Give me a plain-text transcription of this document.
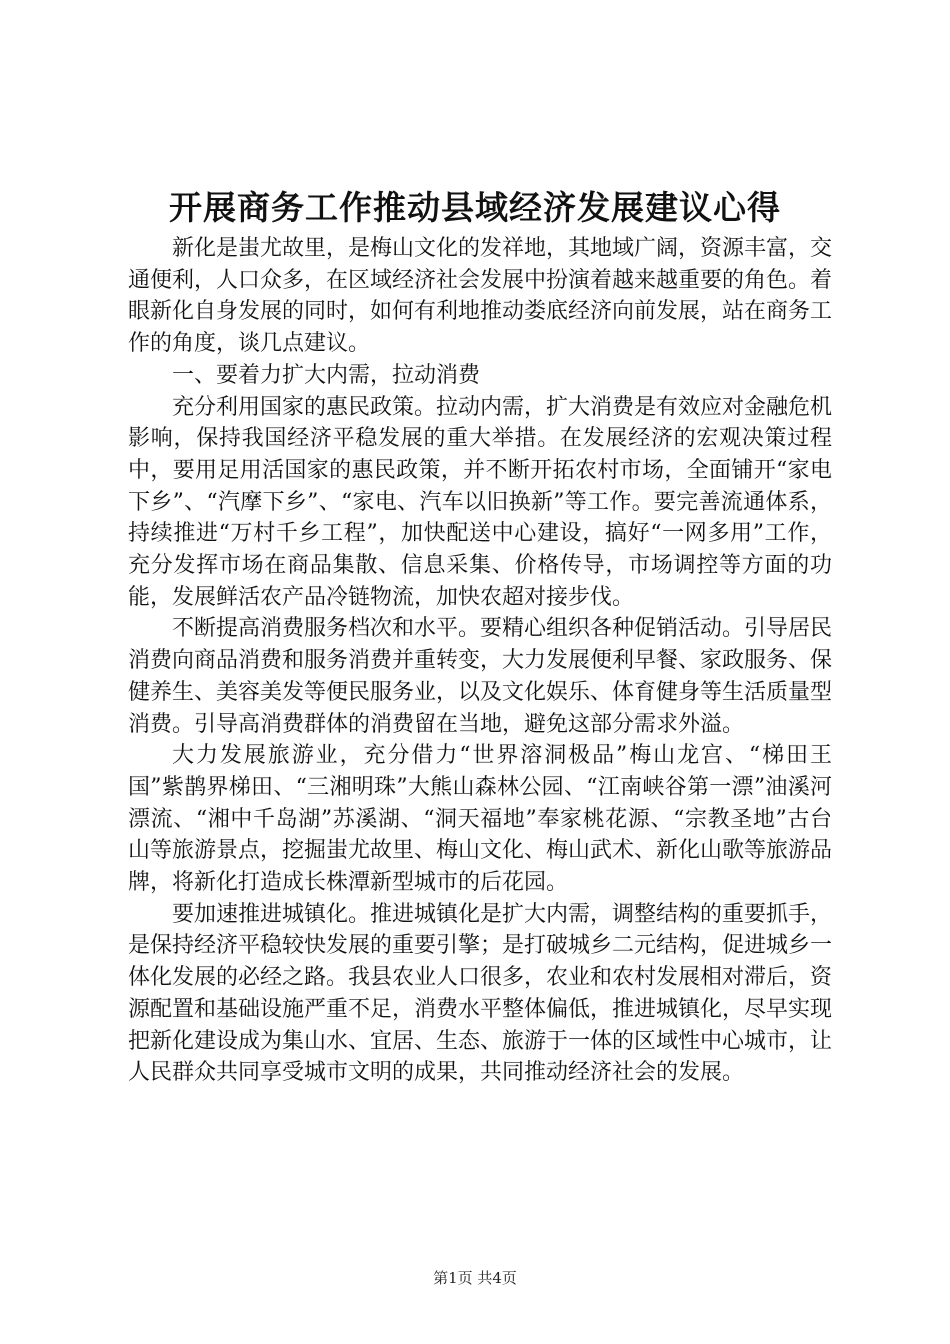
开展商务工作推动县域经济发展建议心得

新化是蚩尤故里，是梅山文化的发祥地，其地域广阔，资源丰富，交通便利，人口众多，在区域经济社会发展中扮演着越来越重要的角色。着眼新化自身发展的同时，如何有利地推动娄底经济向前发展，站在商务工作的角度，谈几点建议。

一、要着力扩大内需，拉动消费

充分利用国家的惠民政策。拉动内需，扩大消费是有效应对金融危机影响，保持我国经济平稳发展的重大举措。在发展经济的宏观决策过程中，要用足用活国家的惠民政策，并不断开拓农村市场，全面铺开“家电下乡”、“汽摩下乡”、“家电、汽车以旧换新”等工作。要完善流通体系，持续推进“万村千乡工程”，加快配送中心建设，搞好“一网多用”工作，充分发挥市场在商品集散、信息采集、价格传导，市场调控等方面的功能，发展鲜活农产品冷链物流，加快农超对接步伐。

不断提高消费服务档次和水平。要精心组织各种促销活动。引导居民消费向商品消费和服务消费并重转变，大力发展便利早餐、家政服务、保健养生、美容美发等便民服务业，以及文化娱乐、体育健身等生活质量型消费。引导高消费群体的消费留在当地，避免这部分需求外溢。

大力发展旅游业，充分借力“世界溶洞极品”梅山龙宫、“梯田王国”紫鹊界梯田、“三湘明珠”大熊山森林公园、“江南峡谷第一漂”油溪河漂流、“湘中千岛湖”苏溪湖、“洞天福地”奉家桃花源、“宗教圣地”古台山等旅游景点，挖掘蚩尤故里、梅山文化、梅山武术、新化山歌等旅游品牌，将新化打造成长株潭新型城市的后花园。

要加速推进城镇化。推进城镇化是扩大内需，调整结构的重要抓手，是保持经济平稳较快发展的重要引擎；是打破城乡二元结构，促进城乡一体化发展的必经之路。我县农业人口很多，农业和农村发展相对滞后，资源配置和基础设施严重不足，消费水平整体偏低，推进城镇化，尽早实现把新化建设成为集山水、宜居、生态、旅游于一体的区域性中心城市，让人民群众共同享受城市文明的成果，共同推动经济社会的发展。

第1页 共4页
